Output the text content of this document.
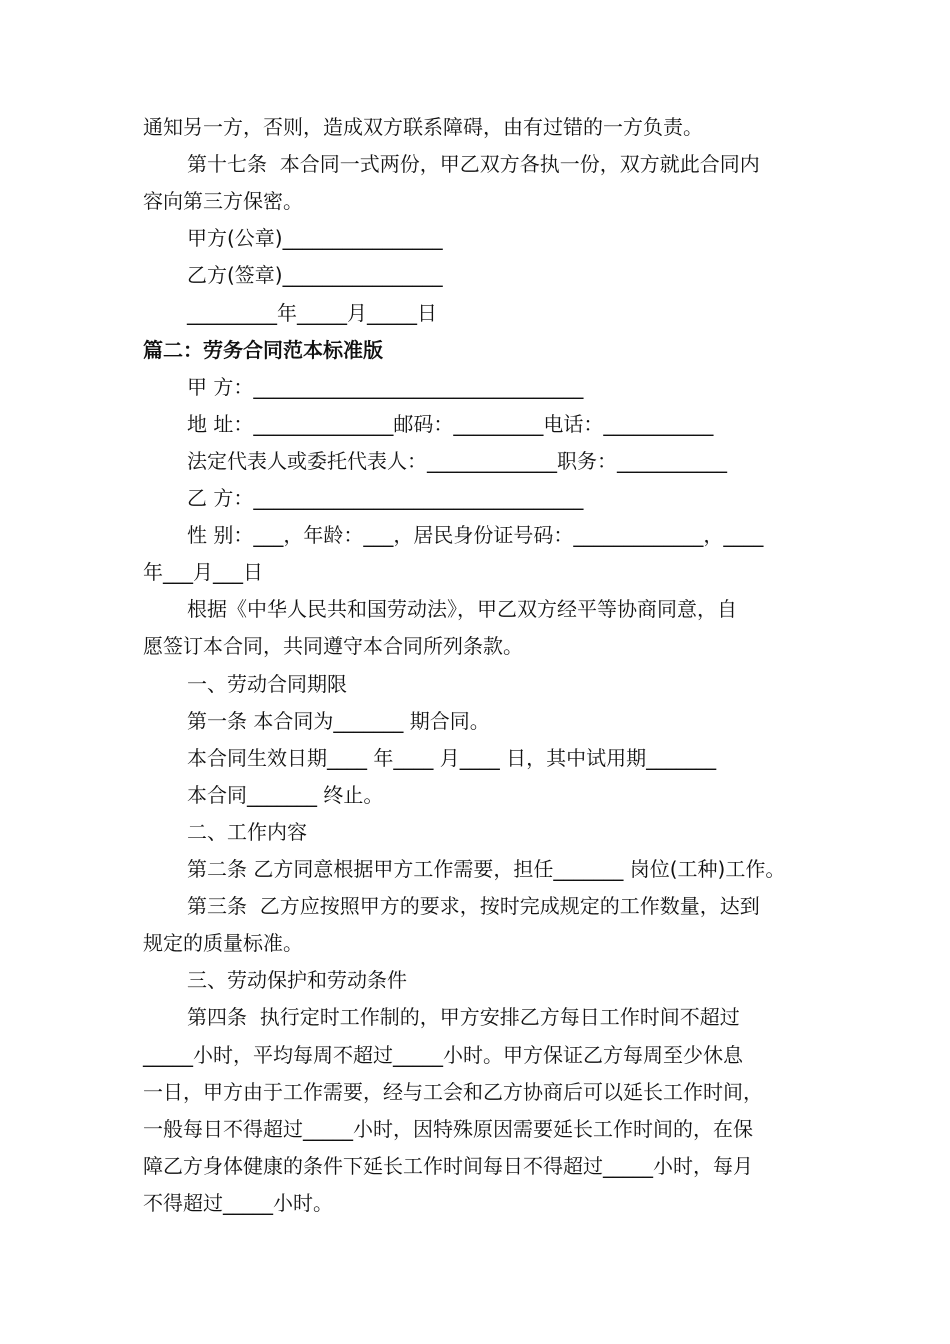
通知另一方，否则，造成双方联系障碍，由有过错的一方负责。
第十七条  本合同一式两份，甲乙双方各执一份，双方就此合同内
容向第三方保密。
甲方(公章)________________
乙方(签章)________________
_________年_____月_____日
篇二：劳务合同范本标准版
甲 方：_________________________________
地 址：______________邮码：_________电话：___________
法定代表人或委托代表人：_____________职务：___________
乙 方：_________________________________
性 别：___，年龄：___，居民身份证号码：_____________，____
年___月___日
根据《中华人民共和国劳动法》，甲乙双方经平等协商同意，自
愿签订本合同，共同遵守本合同所列条款。
一、劳动合同期限
第一条 本合同为_______ 期合同。
本合同生效日期____ 年____ 月____ 日，其中试用期_______
本合同_______ 终止。
二、工作内容
第二条 乙方同意根据甲方工作需要，担任_______ 岗位(工种)工作。
第三条  乙方应按照甲方的要求，按时完成规定的工作数量，达到
规定的质量标准。
三、劳动保护和劳动条件
第四条  执行定时工作制的，甲方安排乙方每日工作时间不超过
_____小时，平均每周不超过_____小时。甲方保证乙方每周至少休息
一日，甲方由于工作需要，经与工会和乙方协商后可以延长工作时间，
一般每日不得超过_____小时，因特殊原因需要延长工作时间的，在保
障乙方身体健康的条件下延长工作时间每日不得超过_____小时，每月
不得超过_____小时。
